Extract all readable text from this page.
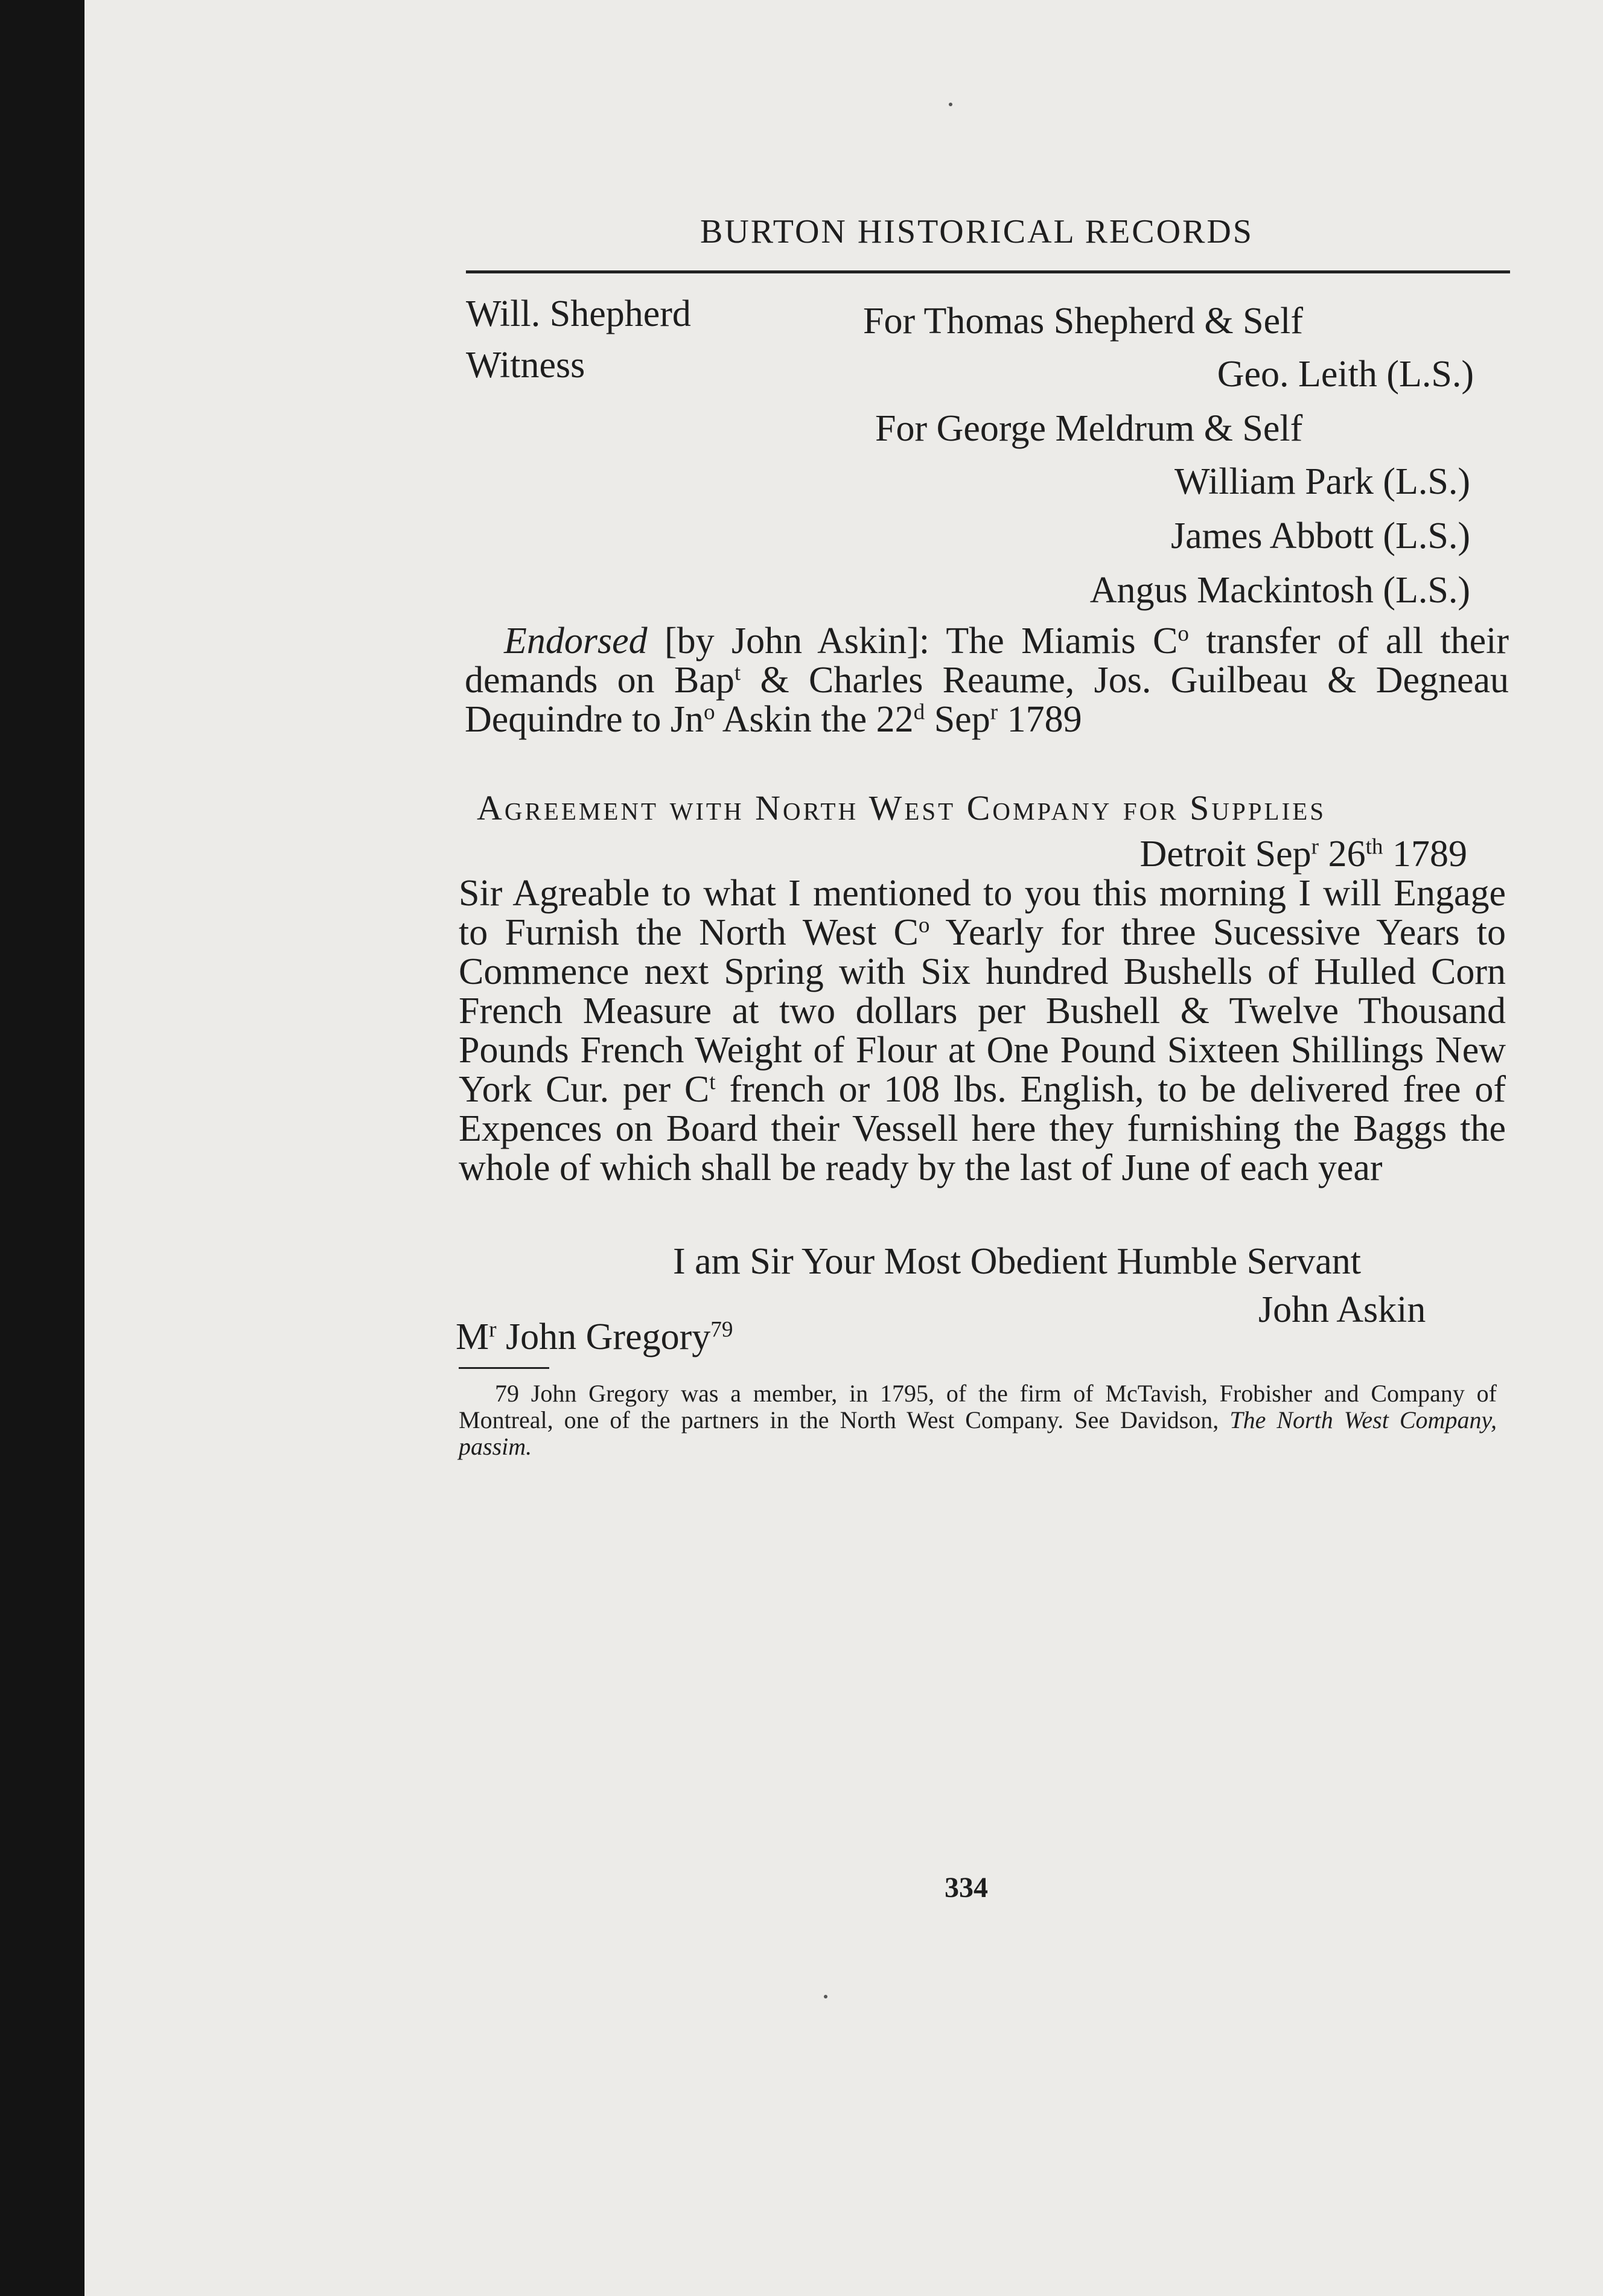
BURTON HISTORICAL RECORDS
Will. Shepherd
Witness
For Thomas Shepherd & Self
Geo. Leith (L.S.)
For George Meldrum & Self
William Park (L.S.)
James Abbott (L.S.)
Angus Mackintosh (L.S.)
Endorsed [by John Askin]: The Miamis $C^o$ transfer of all their demands on Bap$^t$ & Charles Reaume, Jos. Guilbeau & Degneau Dequindre to Jn$^o$ Askin the 22$^d$ Sep$^r$ 1789
Agreement with North West Company for Supplies
Detroit Sep$^r$ 26th 1789
Sir Agreable to what I mentioned to you this morning I will Engage to Furnish the North West $C^o$ Yearly for three Sucessive Years to Commence next Spring with Six hundred Bushells of Hulled Corn French Measure at two dollars per Bushell & Twelve Thousand Pounds French Weight of Flour at One Pound Sixteen Shillings New York Cur. per $C^t$ french or 108 lbs. English, to be delivered free of Expences on Board their Vessell here they furnishing the Baggs the whole of which shall be ready by the last of June of each year
I am Sir Your Most Obedient Humble Servant
John Askin
$M^r$ John Gregory$^{79}$
79 John Gregory was a member, in 1795, of the firm of McTavish, Frobisher and Company of Montreal, one of the partners in the North West Company. See Davidson, The North West Company, passim.
334
